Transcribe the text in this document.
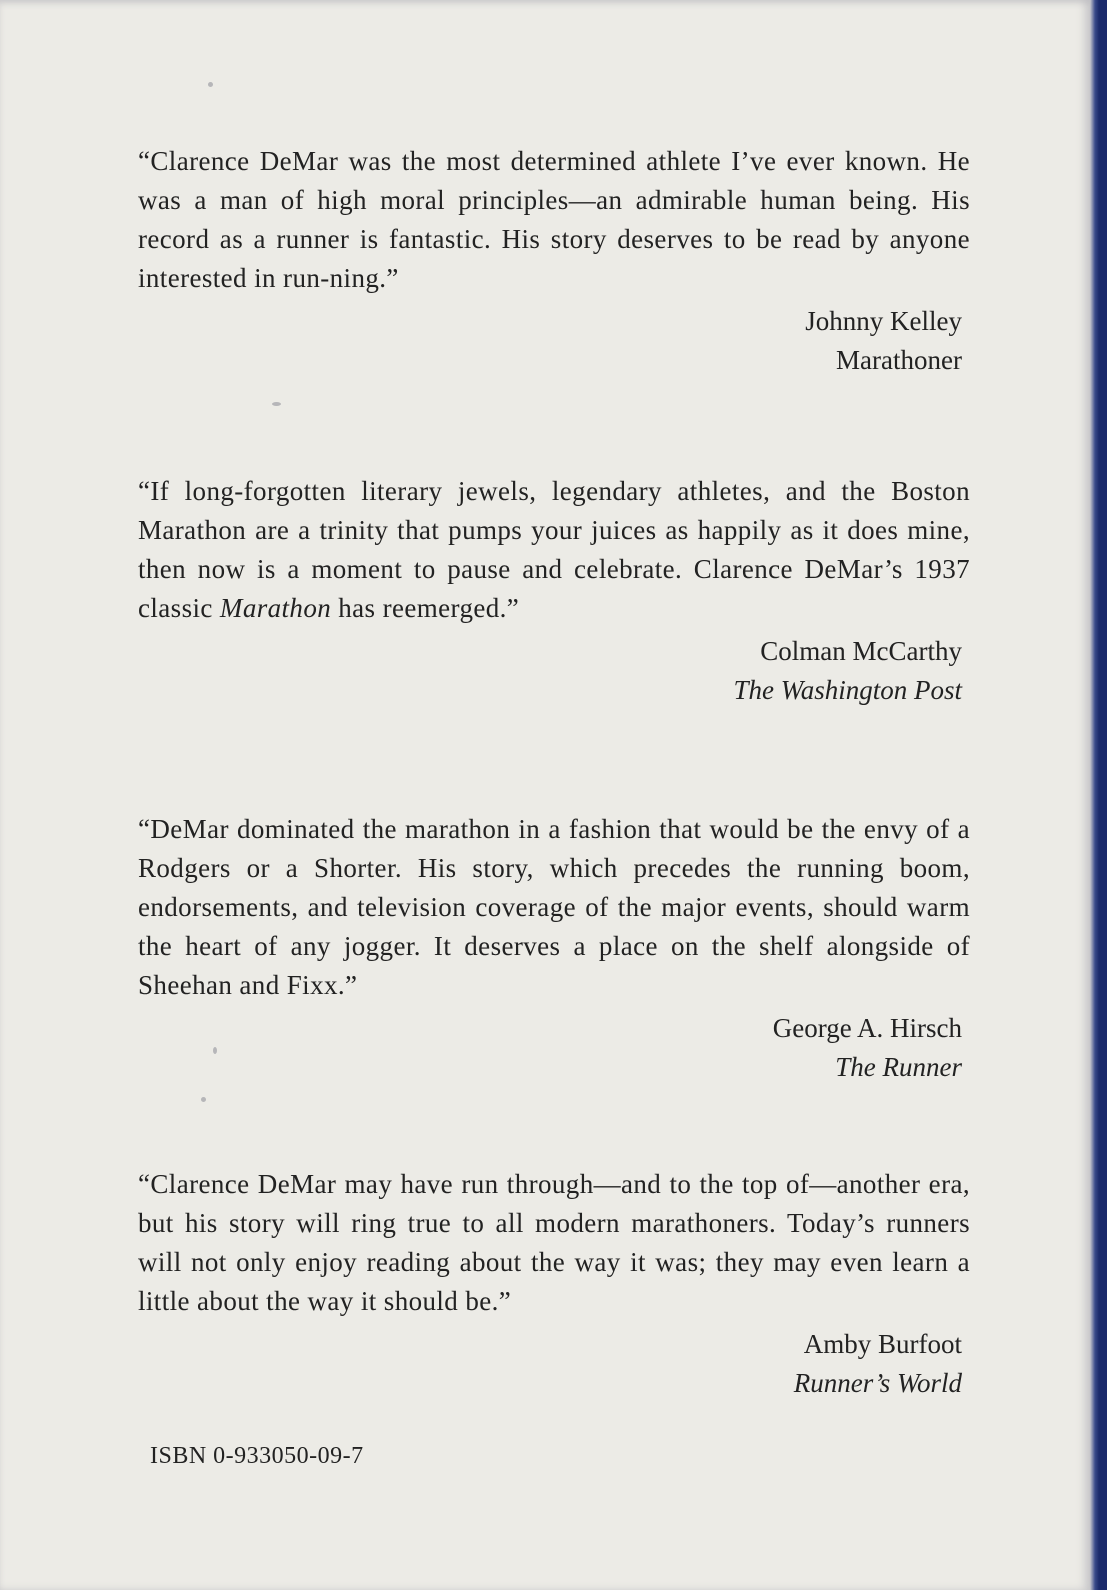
“Clarence DeMar was the most determined athlete I’ve ever known. He was a man of high moral principles—an admirable human being. His record as a runner is fantastic. His story deserves to be read by anyone interested in run-ning.”

Johnny Kelley
Marathoner

“If long-forgotten literary jewels, legendary athletes, and the Boston Marathon are a trinity that pumps your juices as happily as it does mine, then now is a moment to pause and celebrate. Clarence DeMar’s 1937 classic Marathon has reemerged.”

Colman McCarthy
The Washington Post

“DeMar dominated the marathon in a fashion that would be the envy of a Rodgers or a Shorter. His story, which precedes the running boom, endorsements, and television coverage of the major events, should warm the heart of any jogger. It deserves a place on the shelf alongside of Sheehan and Fixx.”

George A. Hirsch
The Runner

“Clarence DeMar may have run through—and to the top of—another era, but his story will ring true to all modern marathoners. Today’s runners will not only enjoy reading about the way it was; they may even learn a little about the way it should be.”

Amby Burfoot
Runner’s World

ISBN 0-933050-09-7
